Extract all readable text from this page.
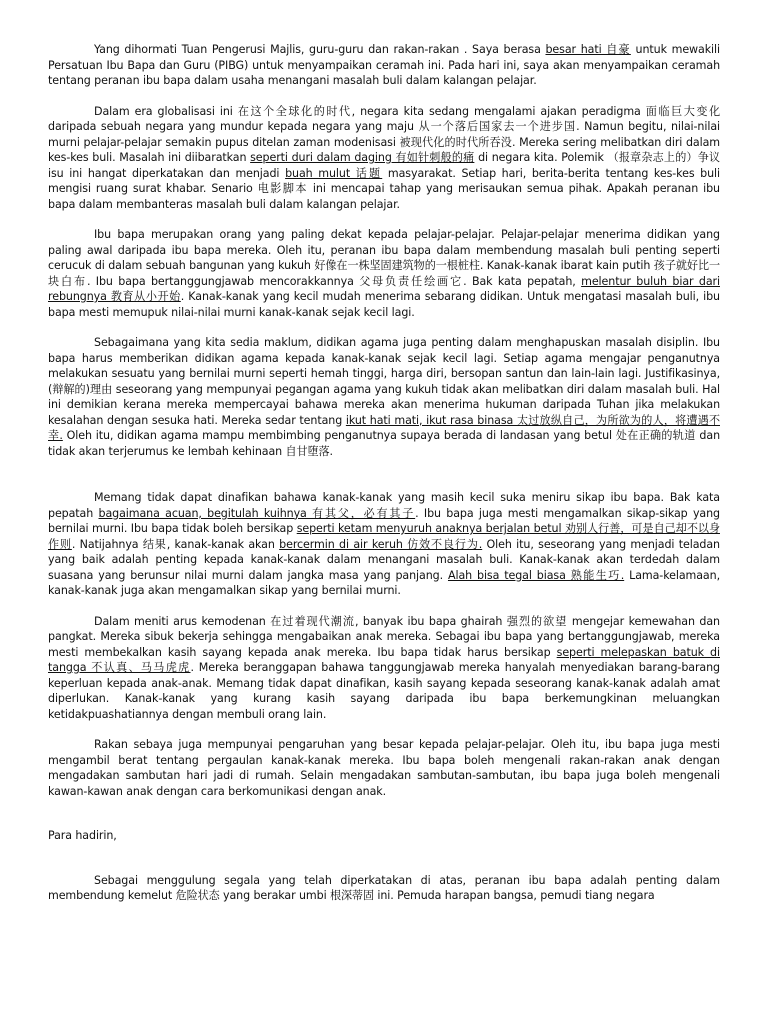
Yang dihormati Tuan Pengerusi Majlis, guru-guru dan rakan-rakan . Saya berasa besar hati 自豪 untuk mewakili Persatuan Ibu Bapa dan Guru (PIBG) untuk menyampaikan ceramah ini. Pada hari ini, saya akan menyampaikan ceramah tentang peranan ibu bapa dalam usaha menangani masalah buli dalam kalangan pelajar.

Dalam era globalisasi ini 在这个全球化的时代, negara kita sedang mengalami ajakan peradigma 面临巨大变化 daripada sebuah negara yang mundur kepada negara yang maju 从一个落后国家去一个进步国. Namun begitu, nilai-nilai murni pelajar-pelajar semakin pupus ditelan zaman modenisasi 被现代化的时代所吞没. Mereka sering melibatkan diri dalam kes-kes buli. Masalah ini diibaratkan seperti duri dalam daging 有如针刺般的痛 di negara kita. Polemik （报章杂志上的）争议 isu ini hangat diperkatakan dan menjadi buah mulut 话题 masyarakat. Setiap hari, berita-berita tentang kes-kes buli mengisi ruang surat khabar. Senario 电影脚本 ini mencapai tahap yang merisaukan semua pihak. Apakah peranan ibu bapa dalam membanteras masalah buli dalam kalangan pelajar.

Ibu bapa merupakan orang yang paling dekat kepada pelajar-pelajar. Pelajar-pelajar menerima didikan yang paling awal daripada ibu bapa mereka. Oleh itu, peranan ibu bapa dalam membendung masalah buli penting seperti cerucuk di dalam sebuah bangunan yang kukuh 好像在一株坚固建筑物的一根桩柱. Kanak-kanak ibarat kain putih 孩子就好比一块白布. Ibu bapa bertanggungjawab mencorakkannya 父母负责任绘画它. Bak kata pepatah, melentur buluh biar dari rebungnya 教育从小开始. Kanak-kanak yang kecil mudah menerima sebarang didikan. Untuk mengatasi masalah buli, ibu bapa mesti memupuk nilai-nilai murni kanak-kanak sejak kecil lagi.

Sebagaimana yang kita sedia maklum, didikan agama juga penting dalam menghapuskan masalah disiplin. Ibu bapa harus memberikan didikan agama kepada kanak-kanak sejak kecil lagi. Setiap agama mengajar penganutnya melakukan sesuatu yang bernilai murni seperti hemah tinggi, harga diri, bersopan santun dan lain-lain lagi. Justifikasinya,(辩解的)理由 seseorang yang mempunyai pegangan agama yang kukuh tidak akan melibatkan diri dalam masalah buli. Hal ini demikian kerana mereka mempercayai bahawa mereka akan menerima hukuman daripada Tuhan jika melakukan kesalahan dengan sesuka hati. Mereka sedar tentang ikut hati mati, ikut rasa binasa 太过放纵自己，为所欲为的人，将遭遇不幸. Oleh itu, didikan agama mampu membimbing penganutnya supaya berada di landasan yang betul 处在正确的轨道 dan tidak akan terjerumus ke lembah kehinaan 自甘堕落.

Memang tidak dapat dinafikan bahawa kanak-kanak yang masih kecil suka meniru sikap ibu bapa. Bak kata pepatah bagaimana acuan, begitulah kuihnya 有其父，必有其子. Ibu bapa juga mesti mengamalkan sikap-sikap yang bernilai murni. Ibu bapa tidak boleh bersikap seperti ketam menyuruh anaknya berjalan betul 劝别人行善，可是自己却不以身作则. Natijahnya 结果, kanak-kanak akan bercermin di air keruh 仿效不良行为. Oleh itu, seseorang yang menjadi teladan yang baik adalah penting kepada kanak-kanak dalam menangani masalah buli. Kanak-kanak akan terdedah dalam suasana yang berunsur nilai murni dalam jangka masa yang panjang. Alah bisa tegal biasa 熟能生巧. Lama-kelamaan, kanak-kanak juga akan mengamalkan sikap yang bernilai murni.

Dalam meniti arus kemodenan 在过着现代潮流, banyak ibu bapa ghairah 强烈的欲望 mengejar kemewahan dan pangkat. Mereka sibuk bekerja sehingga mengabaikan anak mereka. Sebagai ibu bapa yang bertanggungjawab, mereka mesti membekalkan kasih sayang kepada anak mereka. Ibu bapa tidak harus bersikap seperti melepaskan batuk di tangga 不认真、马马虎虎. Mereka beranggapan bahawa tanggungjawab mereka hanyalah menyediakan barang-barang keperluan kepada anak-anak. Memang tidak dapat dinafikan, kasih sayang kepada seseorang kanak-kanak adalah amat diperlukan. Kanak-kanak yang kurang kasih sayang daripada ibu bapa berkemungkinan meluangkan ketidakpuashatiannya dengan membuli orang lain.

Rakan sebaya juga mempunyai pengaruhan yang besar kepada pelajar-pelajar. Oleh itu, ibu bapa juga mesti mengambil berat tentang pergaulan kanak-kanak mereka. Ibu bapa boleh mengenali rakan-rakan anak dengan mengadakan sambutan hari jadi di rumah. Selain mengadakan sambutan-sambutan, ibu bapa juga boleh mengenali kawan-kawan anak dengan cara berkomunikasi dengan anak.

Para hadirin,

Sebagai menggulung segala yang telah diperkatakan di atas, peranan ibu bapa adalah penting dalam membendung kemelut 危险状态 yang berakar umbi 根深蒂固 ini. Pemuda harapan bangsa, pemudi tiang negara
